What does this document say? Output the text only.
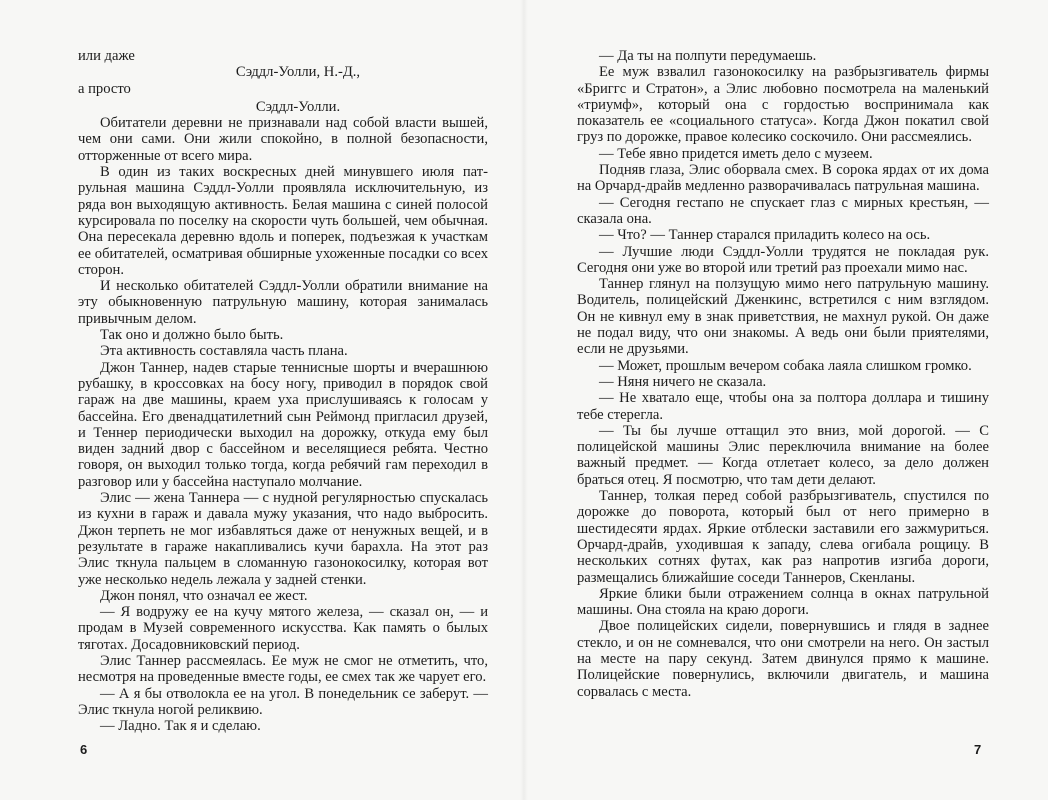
или даже

Сэддл-Уолли, Н.-Д.,

а просто

Сэддл-Уолли.

Обитатели деревни не признавали над собой власти вышей, чем они сами. Они жили спокойно, в полной безопасности, отторженные от всего мира.

В один из таких воскресных дней минувшего июля патрульная машина Сэддл-Уолли проявляла исключительную, из ряда вон выходящую активность. Белая машина с синей полосой курсировала по поселку на скорости чуть большей, чем обычная. Она пересекала деревню вдоль и поперек, подъезжая к участкам ее обитателей, осматривая обширные ухоженные посадки со всех сторон.

И несколько обитателей Сэддл-Уолли обратили внимание на эту обыкновенную патрульную машину, которая занималась привычным делом.

Так оно и должно было быть.

Эта активность составляла часть плана.

Джон Таннер, надев старые теннисные шорты и вчерашнюю рубашку, в кроссовках на босу ногу, приводил в порядок свой гараж на две машины, краем уха прислушиваясь к голосам у бассейна. Его двенадцатилетний сын Реймонд пригласил друзей, и Теннер периодически выходил на дорожку, откуда ему был виден задний двор с бассейном и веселящиеся ребята. Честно говоря, он выходил только тогда, когда ребячий гам переходил в разговор или у бассейна наступало молчание.

Элис — жена Таннера — с нудной регулярностью спускалась из кухни в гараж и давала мужу указания, что надо выбросить. Джон терпеть не мог избавляться даже от ненужных вещей, и в результате в гараже накапливались кучи барахла. На этот раз Элис ткнула пальцем в сломанную газонокосилку, которая вот уже несколько недель лежала у задней стенки.

Джон понял, что означал ее жест.

— Я водружу ее на кучу мятого железа, — сказал он, — и продам в Музей современного искусства. Как память о былых тяготах. Досадовниковский период.

Элис Таннер рассмеялась. Ее муж не смог не отметить, что, несмотря на проведенные вместе годы, ее смех так же чарует его.

— А я бы отволокла ее на угол. В понедельник се заберут. — Элис ткнула ногой реликвию.

— Ладно. Так я и сделаю.

— Да ты на полпути передумаешь.

Ее муж взвалил газонокосилку на разбрызгиватель фирмы «Бриггс и Стратон», а Элис любовно посмотрела на маленький «триумф», который она с гордостью воспринимала как показатель ее «социального статуса». Когда Джон покатил свой груз по дорожке, правое колесико соскочило. Они рассмеялись.

— Тебе явно придется иметь дело с музеем.

Подняв глаза, Элис оборвала смех. В сорока ярдах от их дома на Орчард-драйв медленно разворачивалась патрульная машина.

— Сегодня гестапо не спускает глаз с мирных крестьян, — сказала она.

— Что? — Таннер старался приладить колесо на ось.

— Лучшие люди Сэддл-Уолли трудятся не покладая рук. Сегодня они уже во второй или третий раз проехали мимо нас.

Таннер глянул на ползущую мимо него патрульную машину. Водитель, полицейский Дженкинс, встретился с ним взглядом. Он не кивнул ему в знак приветствия, не махнул рукой. Он даже не подал виду, что они знакомы. А ведь они были приятелями, если не друзьями.

— Может, прошлым вечером собака лаяла слишком громко.

— Няня ничего не сказала.

— Не хватало еще, чтобы она за полтора доллара и тишину тебе стерегла.

— Ты бы лучше оттащил это вниз, мой дорогой. — С полицейской машины Элис переключила внимание на более важный предмет. — Когда отлетает колесо, за дело должен браться отец. Я посмотрю, что там дети делают.

Таннер, толкая перед собой разбрызгиватель, спустился по дорожке до поворота, который был от него примерно в шестидесяти ярдах. Яркие отблески заставили его зажмуриться. Орчард-драйв, уходившая к западу, слева огибала рощицу. В нескольких сотнях футах, как раз напротив изгиба дороги, размещались ближайшие соседи Таннеров, Скенланы.

Яркие блики были отражением солнца в окнах патрульной машины. Она стояла на краю дороги.

Двое полицейских сидели, повернувшись и глядя в заднее стекло, и он не сомневался, что они смотрели на него. Он застыл на месте на пару секунд. Затем двинулся прямо к машине. Полицейские повернулись, включили двигатель, и машина сорвалась с места.

6	7
